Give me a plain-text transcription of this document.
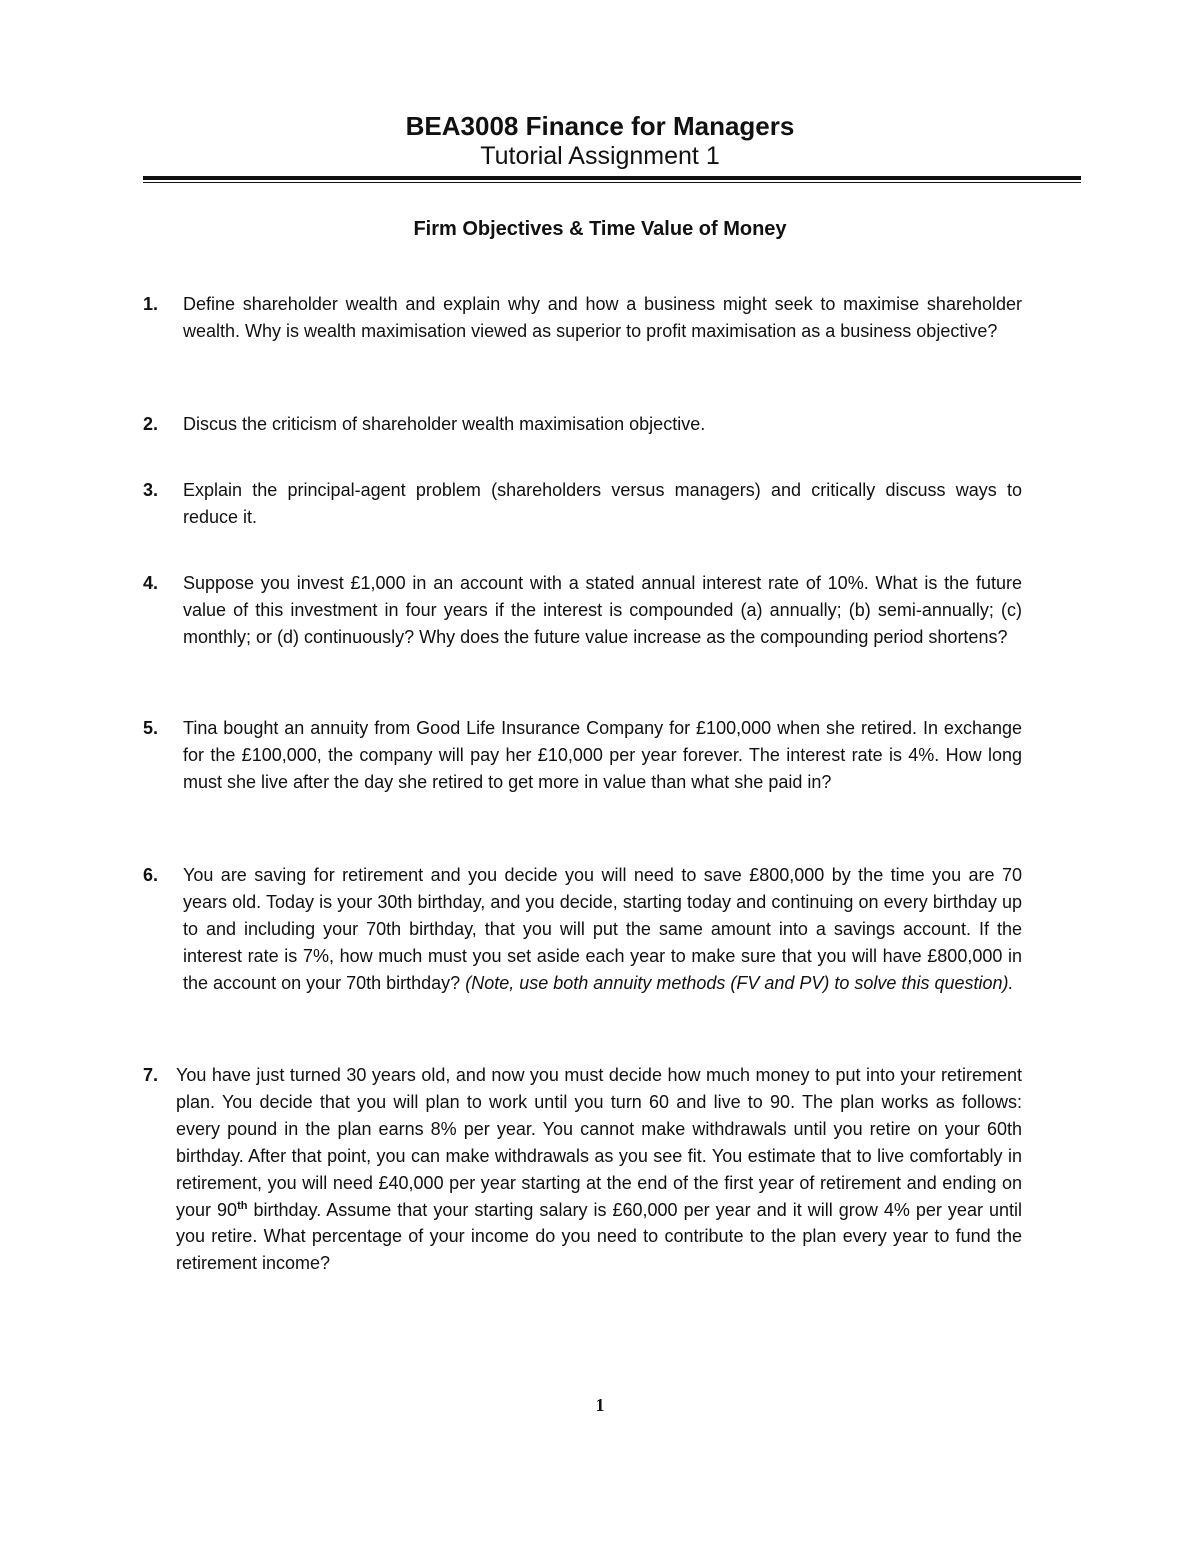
BEA3008 Finance for Managers
Tutorial Assignment 1
Firm Objectives & Time Value of Money
1.	Define shareholder wealth and explain why and how a business might seek to maximise shareholder wealth. Why is wealth maximisation viewed as superior to profit maximisation as a business objective?
2.	Discus the criticism of shareholder wealth maximisation objective.
3.	Explain the principal-agent problem (shareholders versus managers) and critically discuss ways to reduce it.
4.	Suppose you invest £1,000 in an account with a stated annual interest rate of 10%. What is the future value of this investment in four years if the interest is compounded (a) annually; (b) semi-annually; (c) monthly; or (d) continuously? Why does the future value increase as the compounding period shortens?
5.	Tina bought an annuity from Good Life Insurance Company for £100,000 when she retired. In exchange for the £100,000, the company will pay her £10,000 per year forever. The interest rate is 4%. How long must she live after the day she retired to get more in value than what she paid in?
6.	You are saving for retirement and you decide you will need to save £800,000 by the time you are 70 years old. Today is your 30th birthday, and you decide, starting today and continuing on every birthday up to and including your 70th birthday, that you will put the same amount into a savings account. If the interest rate is 7%, how much must you set aside each year to make sure that you will have £800,000 in the account on your 70th birthday? (Note, use both annuity methods (FV and PV) to solve this question).
7. You have just turned 30 years old, and now you must decide how much money to put into your retirement plan. You decide that you will plan to work until you turn 60 and live to 90. The plan works as follows: every pound in the plan earns 8% per year. You cannot make withdrawals until you retire on your 60th birthday. After that point, you can make withdrawals as you see fit. You estimate that to live comfortably in retirement, you will need £40,000 per year starting at the end of the first year of retirement and ending on your 90th birthday. Assume that your starting salary is £60,000 per year and it will grow 4% per year until you retire. What percentage of your income do you need to contribute to the plan every year to fund the retirement income?
1
